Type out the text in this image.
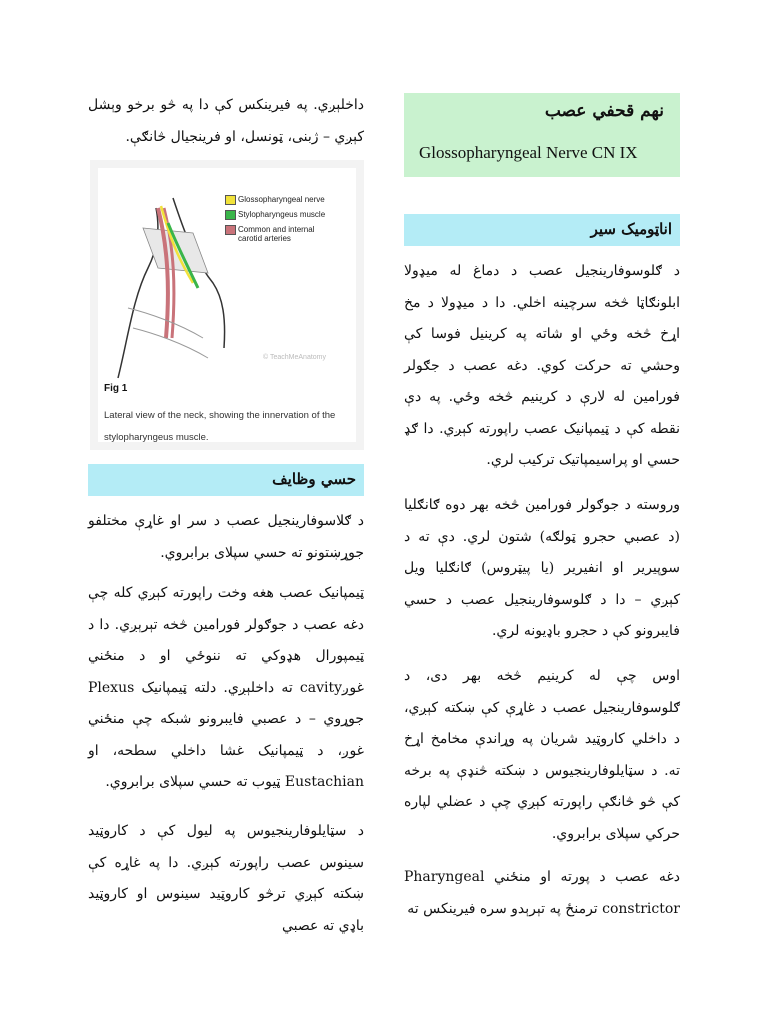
نهم قحفي عصب
Glossopharyngeal Nerve CN IX
اناټومیک سیر
د ګلوسوفارینجیل عصب د دماغ له میډولا ابلونګاټا څخه سرچینه اخلي. دا د میډولا د مخ اړخ څخه وځي او شاته په کرینیل فوسا کې وحشي ته حرکت کوي. دغه عصب د جګولر فورامین له لارې د کرینیم څخه وځي. په دې نقطه کې د ټیمپانیک عصب راپورته کېږي. دا ګډ حسي او پراسیمپاتیک ترکیب لري.
وروسته د جوګولر فورامین څخه بهر دوه ګانګلیا (د عصبي حجرو ټولګه) شتون لري. دې ته د سوپیریر او انفیریر (یا پیټروس) ګانګلیا ویل کېږي – دا د ګلوسوفارینجیل عصب د حسي فایبرونو کې د حجرو باډیونه لري.
اوس چې له کرینیم څخه بهر دی، د ګلوسوفارینجیل عصب د غاړې کې ښکته کېږي، د داخلي کاروټید شریان په وړاندې مخامخ اړخ ته. د سټایلوفارینجیوس د ښکته څنډې په برخه کې څو څانګې راپورته کېږي چې د عضلي لپاره حرکي سپلای برابروي.
دغه عصب د پورته او منځني Pharyngeal constrictor ترمنځ په تېرېدو سره فیرینکس ته
داخلېږي. په فیرینکس کې دا په څو برخو وېشل کېږي – ژبنی، ټونسل، او فرینجیال څانګې.
Glossopharyngeal nerve
Stylopharyngeus muscle
Common and internal carotid arteries
© TeachMeAnatomy
Fig 1
Lateral view of the neck, showing the innervation of the stylopharyngeus muscle.
حسي وظایف
د ګلاسوفارینجیل عصب د سر او غاړې مختلفو جوړښتونو ته حسي سپلای برابروي.
ټیمپانیک عصب هغه وخت راپورته کېږي کله چې دغه عصب د جوګولر فورامین څخه تېرېږي. دا د ټیمپورال هډوکي ته ننوځي او د منځني غوږcavity ته داخلېږي. دلته ټیمپانیک Plexus جوړوي – د عصبي فایبرونو شبکه چې منځني غوږ، د ټیمپانیک غشا داخلي سطحه، او Eustachian ټیوب ته حسي سپلای برابروي.
د سټایلوفارینجیوس په لیول کې د کاروټید سینوس عصب راپورته کېږي. دا په غاړه کې ښکته کېږي ترڅو کاروټید سینوس او کاروټید باډي ته عصبي
